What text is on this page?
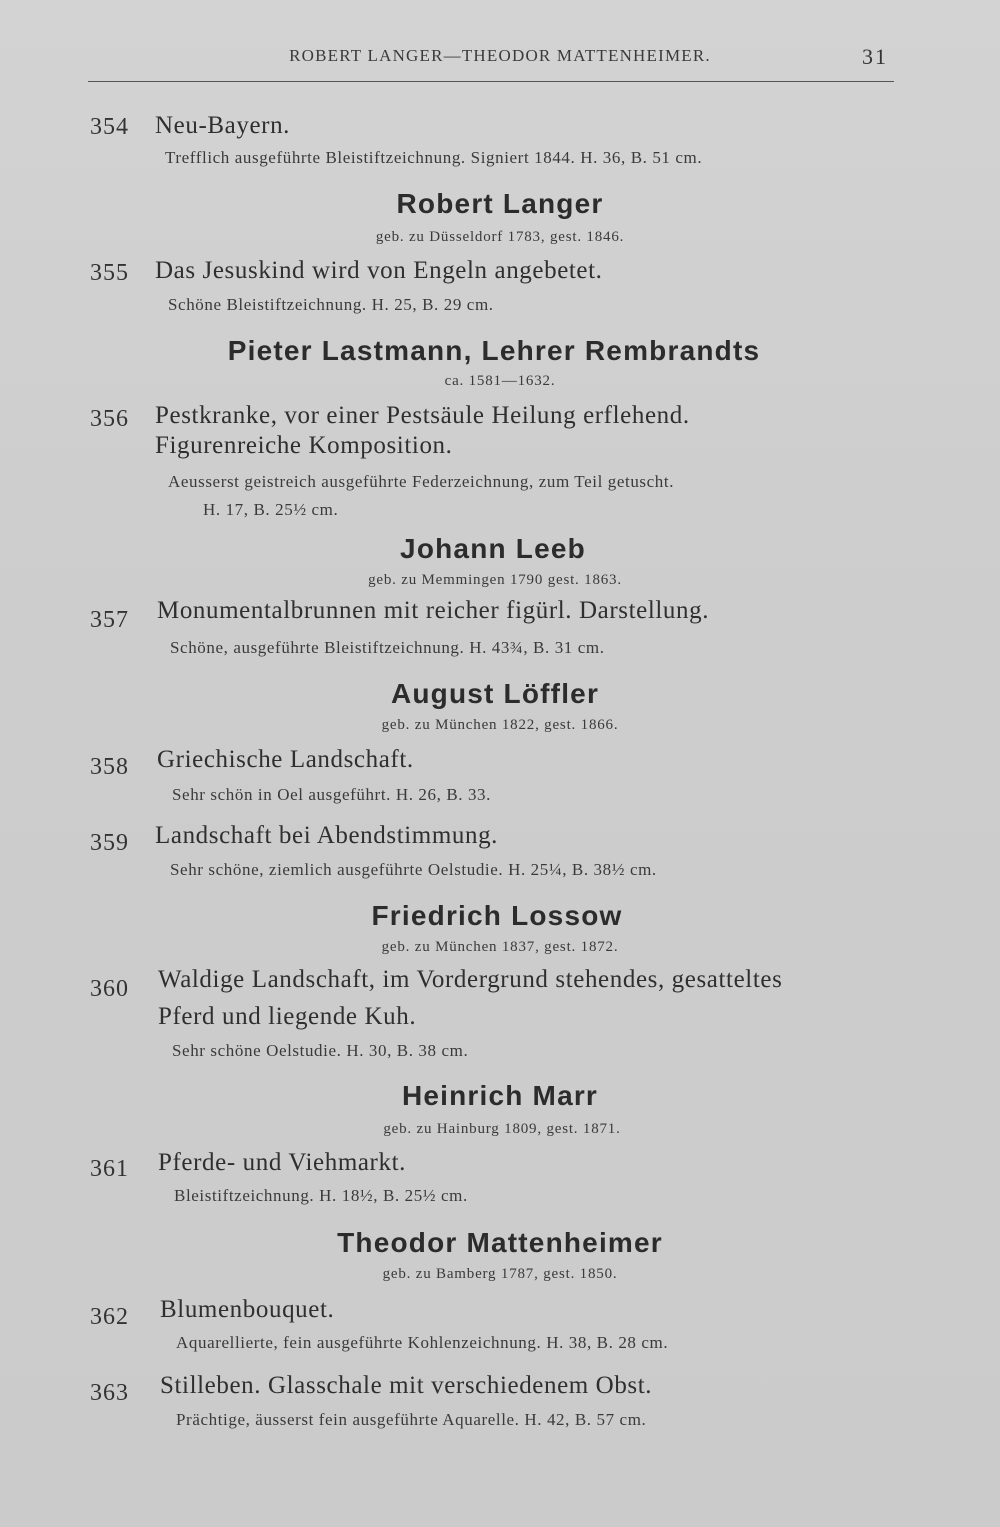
ROBERT LANGER—THEODOR MATTENHEIMER.	31
354 Neu-Bayern.
Trefflich ausgeführte Bleistiftzeichnung. Signiert 1844. H. 36, B. 51 cm.
Robert Langer
geb. zu Düsseldorf 1783, gest. 1846.
355 Das Jesuskind wird von Engeln angebetet.
Schöne Bleistiftzeichnung. H. 25, B. 29 cm.
Pieter Lastmann, Lehrer Rembrandts
ca. 1581—1632.
356 Pestkranke, vor einer Pestsäule Heilung erflehend.
Figurenreiche Komposition.
Aeusserst geistreich ausgeführte Federzeichnung, zum Teil getuscht.
H. 17, B. 25½ cm.
Johann Leeb
geb. zu Memmingen 1790 gest. 1863.
357 Monumentalbrunnen mit reicher figürl. Darstellung.
Schöne, ausgeführte Bleistiftzeichnung. H. 43¾, B. 31 cm.
August Löffler
geb. zu München 1822, gest. 1866.
358 Griechische Landschaft.
Sehr schön in Oel ausgeführt. H. 26, B. 33.
359 Landschaft bei Abendstimmung.
Sehr schöne, ziemlich ausgeführte Oelstudie. H. 25¼, B. 38½ cm.
Friedrich Lossow
geb. zu München 1837, gest. 1872.
360 Waldige Landschaft, im Vordergrund stehendes, gesatteltes
Pferd und liegende Kuh.
Sehr schöne Oelstudie. H. 30, B. 38 cm.
Heinrich Marr
geb. zu Hainburg 1809, gest. 1871.
361 Pferde- und Viehmarkt.
Bleistiftzeichnung. H. 18½, B. 25½ cm.
Theodor Mattenheimer
geb. zu Bamberg 1787, gest. 1850.
362 Blumenbouquet.
Aquarellierte, fein ausgeführte Kohlenzeichnung. H. 38, B. 28 cm.
363 Stilleben. Glasschale mit verschiedenem Obst.
Prächtige, äusserst fein ausgeführte Aquarelle. H. 42, B. 57 cm.
